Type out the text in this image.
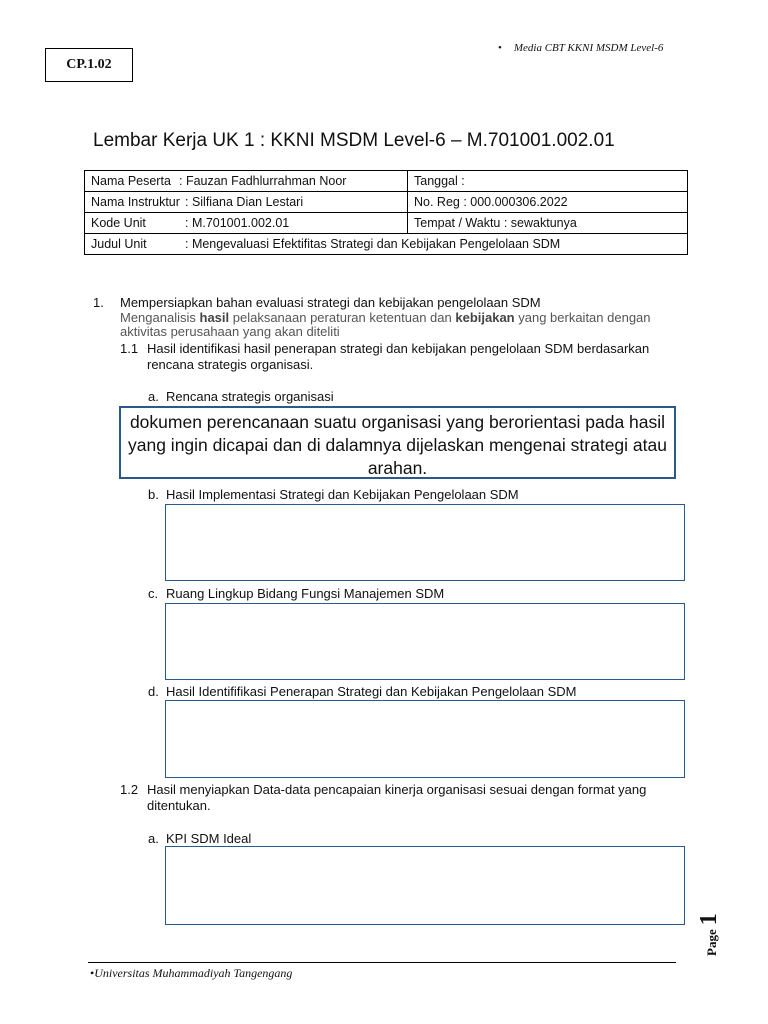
CP.1.02
• Media CBT KKNI MSDM Level-6
Lembar Kerja UK 1 : KKNI MSDM Level-6 – M.701001.002.01
Nama Peserta : Fauzan Fadhlurrahman Noor	Tanggal :
Nama Instruktur : Silfiana Dian Lestari	No. Reg : 000.000306.2022
Kode Unit : M.701001.002.01	Tempat / Waktu : sewaktunya
Judul Unit : Mengevaluasi Efektifitas Strategi dan Kebijakan Pengelolaan SDM	
1. Mempersiapkan bahan evaluasi strategi dan kebijakan pengelolaan SDM
Menganalisis hasil pelaksanaan peraturan ketentuan dan kebijakan yang berkaitan dengan
aktivitas perusahaan yang akan diteliti
1.1 Hasil identifikasi hasil penerapan strategi dan kebijakan pengelolaan SDM berdasarkan
rencana strategis organisasi.
a. Rencana strategis organisasi
dokumen perencanaan suatu organisasi yang berorientasi pada hasil yang ingin dicapai dan di dalamnya dijelaskan mengenai strategi atau arahan.
b. Hasil Implementasi Strategi dan Kebijakan Pengelolaan SDM
c. Ruang Lingkup Bidang Fungsi Manajemen SDM
d. Hasil Identififikasi Penerapan Strategi dan Kebijakan Pengelolaan SDM
1.2 Hasil menyiapkan Data-data pencapaian kinerja organisasi sesuai dengan format yang
ditentukan.
a. KPI SDM Ideal
Page 1
•Universitas Muhammadiyah Tangengang
